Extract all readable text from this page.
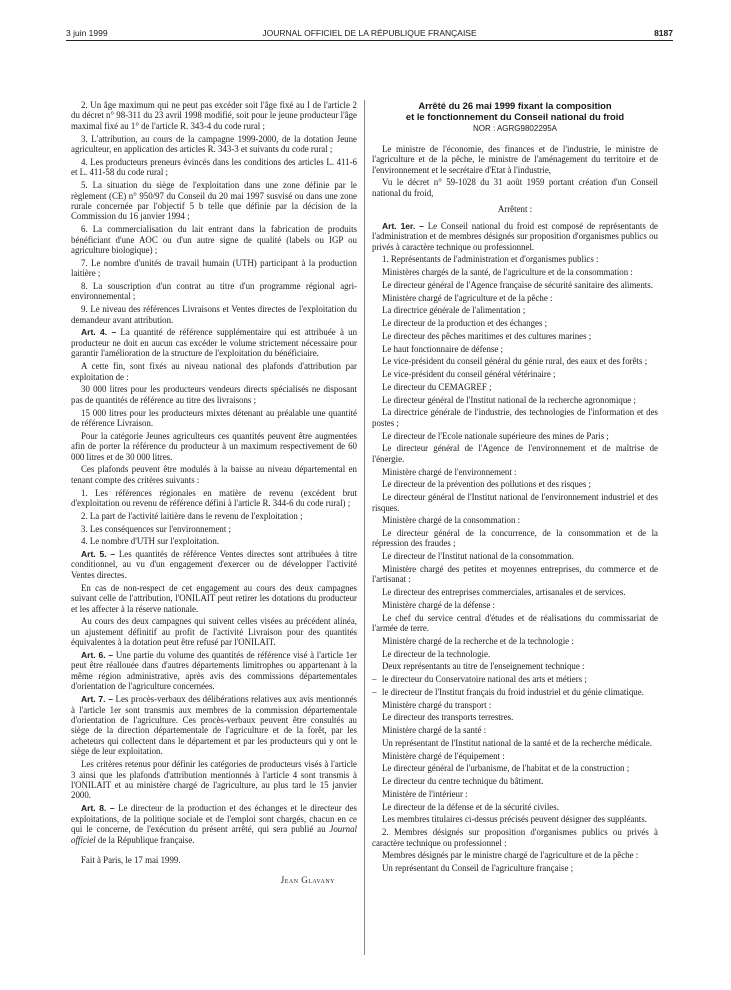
3 juin 1999	JOURNAL OFFICIEL DE LA RÉPUBLIQUE FRANÇAISE	8187

2. Un âge maximum qui ne peut pas excéder soit l'âge fixé au I de l'article 2 du décret n° 98-311 du 23 avril 1998 modifié, soit pour le jeune producteur l'âge maximal fixé au 1° de l'article R. 343-4 du code rural ;

3. L'attribution, au cours de la campagne 1999-2000, de la dotation Jeune agriculteur, en application des articles R. 343-3 et suivants du code rural ;

4. Les producteurs preneurs évincés dans les conditions des articles L. 411-6 et L. 411-58 du code rural ;

5. La situation du siège de l'exploitation dans une zone définie par le règlement (CE) n° 950/97 du Conseil du 20 mai 1997 susvisé ou dans une zone rurale concernée par l'objectif 5 b telle que définie par la décision de la Commission du 16 janvier 1994 ;

6. La commercialisation du lait entrant dans la fabrication de produits bénéficiant d'une AOC ou d'un autre signe de qualité (labels ou IGP ou agriculture biologique) ;

7. Le nombre d'unités de travail humain (UTH) participant à la production laitière ;

8. La souscription d'un contrat au titre d'un programme régional agri-environnemental ;

9. Le niveau des références Livraisons et Ventes directes de l'exploitation du demandeur avant attribution.

Art. 4. – La quantité de référence supplémentaire qui est attribuée à un producteur ne doit en aucun cas excéder le volume strictement nécessaire pour garantir l'amélioration de la structure de l'exploitation du bénéficiaire.

A cette fin, sont fixés au niveau national des plafonds d'attribution par exploitation de :

30 000 litres pour les producteurs vendeurs directs spécialisés ne disposant pas de quantités de référence au titre des livraisons ;

15 000 litres pour les producteurs mixtes détenant au préalable une quantité de référence Livraison.

Pour la catégorie Jeunes agriculteurs ces quantités peuvent être augmentées afin de porter la référence du producteur à un maximum respectivement de 60 000 litres et de 30 000 litres.

Ces plafonds peuvent être modulés à la baisse au niveau départemental en tenant compte des critères suivants :

1. Les références régionales en matière de revenu (excédent brut d'exploitation ou revenu de référence défini à l'article R. 344-6 du code rural) ;

2. La part de l'activité laitière dans le revenu de l'exploitation ;

3. Les conséquences sur l'environnement ;

4. Le nombre d'UTH sur l'exploitation.

Art. 5. – Les quantités de référence Ventes directes sont attribuées à titre conditionnel, au vu d'un engagement d'exercer ou de développer l'activité Ventes directes.

En cas de non-respect de cet engagement au cours des deux campagnes suivant celle de l'attribution, l'ONILAIT peut retirer les dotations du producteur et les affecter à la réserve nationale.

Au cours des deux campagnes qui suivent celles visées au précédent alinéa, un ajustement définitif au profit de l'activité Livraison pour des quantités équivalentes à la dotation peut être refusé par l'ONILAIT.

Art. 6. – Une partie du volume des quantités de référence visé à l'article 1er peut être réallouée dans d'autres départements limitrophes ou appartenant à la même région administrative, après avis des commissions départementales d'orientation de l'agriculture concernées.

Art. 7. – Les procès-verbaux des délibérations relatives aux avis mentionnés à l'article 1er sont transmis aux membres de la commission départementale d'orientation de l'agriculture. Ces procès-verbaux peuvent être consultés au siège de la direction départementale de l'agriculture et de la forêt, par les acheteurs qui collectent dans le département et par les producteurs qui y ont le siège de leur exploitation.

Les critères retenus pour définir les catégories de producteurs visés à l'article 3 ainsi que les plafonds d'attribution mentionnés à l'article 4 sont transmis à l'ONILAIT et au ministère chargé de l'agriculture, au plus tard le 15 janvier 2000.

Art. 8. – Le directeur de la production et des échanges et le directeur des exploitations, de la politique sociale et de l'emploi sont chargés, chacun en ce qui le concerne, de l'exécution du présent arrêté, qui sera publié au Journal officiel de la République française.

Fait à Paris, le 17 mai 1999.

Jean Glavany

Arrêté du 26 mai 1999 fixant la composition
et le fonctionnement du Conseil national du froid

NOR : AGRG9802295A

Le ministre de l'économie, des finances et de l'industrie, le ministre de l'agriculture et de la pêche, le ministre de l'aménagement du territoire et de l'environnement et le secrétaire d'Etat à l'industrie,

Vu le décret n° 59-1028 du 31 août 1959 portant création d'un Conseil national du froid,

Arrêtent :

Art. 1er. – Le Conseil national du froid est composé de représentants de l'administration et de membres désignés sur proposition d'organismes publics ou privés à caractère technique ou professionnel.

1. Représentants de l'administration et d'organismes publics :

Ministères chargés de la santé, de l'agriculture et de la consommation :

Le directeur général de l'Agence française de sécurité sanitaire des aliments.

Ministère chargé de l'agriculture et de la pêche :

La directrice générale de l'alimentation ;

Le directeur de la production et des échanges ;

Le directeur des pêches maritimes et des cultures marines ;

Le haut fonctionnaire de défense ;

Le vice-président du conseil général du génie rural, des eaux et des forêts ;

Le vice-président du conseil général vétérinaire ;

Le directeur du CEMAGREF ;

Le directeur général de l'Institut national de la recherche agronomique ;

La directrice générale de l'industrie, des technologies de l'information et des postes ;

Le directeur de l'Ecole nationale supérieure des mines de Paris ;

Le directeur général de l'Agence de l'environnement et de maîtrise de l'énergie.

Ministère chargé de l'environnement :

Le directeur de la prévention des pollutions et des risques ;

Le directeur général de l'Institut national de l'environnement industriel et des risques.

Ministère chargé de la consommation :

Le directeur général de la concurrence, de la consommation et de la répression des fraudes ;

Le directeur de l'Institut national de la consommation.

Ministère chargé des petites et moyennes entreprises, du commerce et de l'artisanat :

Le directeur des entreprises commerciales, artisanales et de services.

Ministère chargé de la défense :

Le chef du service central d'études et de réalisations du commissariat de l'armée de terre.

Ministère chargé de la recherche et de la technologie :

Le directeur de la technologie.

Deux représentants au titre de l'enseignement technique :

– le directeur du Conservatoire national des arts et métiers ;

– le directeur de l'Institut français du froid industriel et du génie climatique.

Ministère chargé du transport :

Le directeur des transports terrestres.

Ministère chargé de la santé :

Un représentant de l'Institut national de la santé et de la recherche médicale.

Ministère chargé de l'équipement :

Le directeur général de l'urbanisme, de l'habitat et de la construction ;

Le directeur du centre technique du bâtiment.

Ministère de l'intérieur :

Le directeur de la défense et de la sécurité civiles.

Les membres titulaires ci-dessus précisés peuvent désigner des suppléants.

2. Membres désignés sur proposition d'organismes publics ou privés à caractère technique ou professionnel :

Membres désignés par le ministre chargé de l'agriculture et de la pêche :

Un représentant du Conseil de l'agriculture française ;
